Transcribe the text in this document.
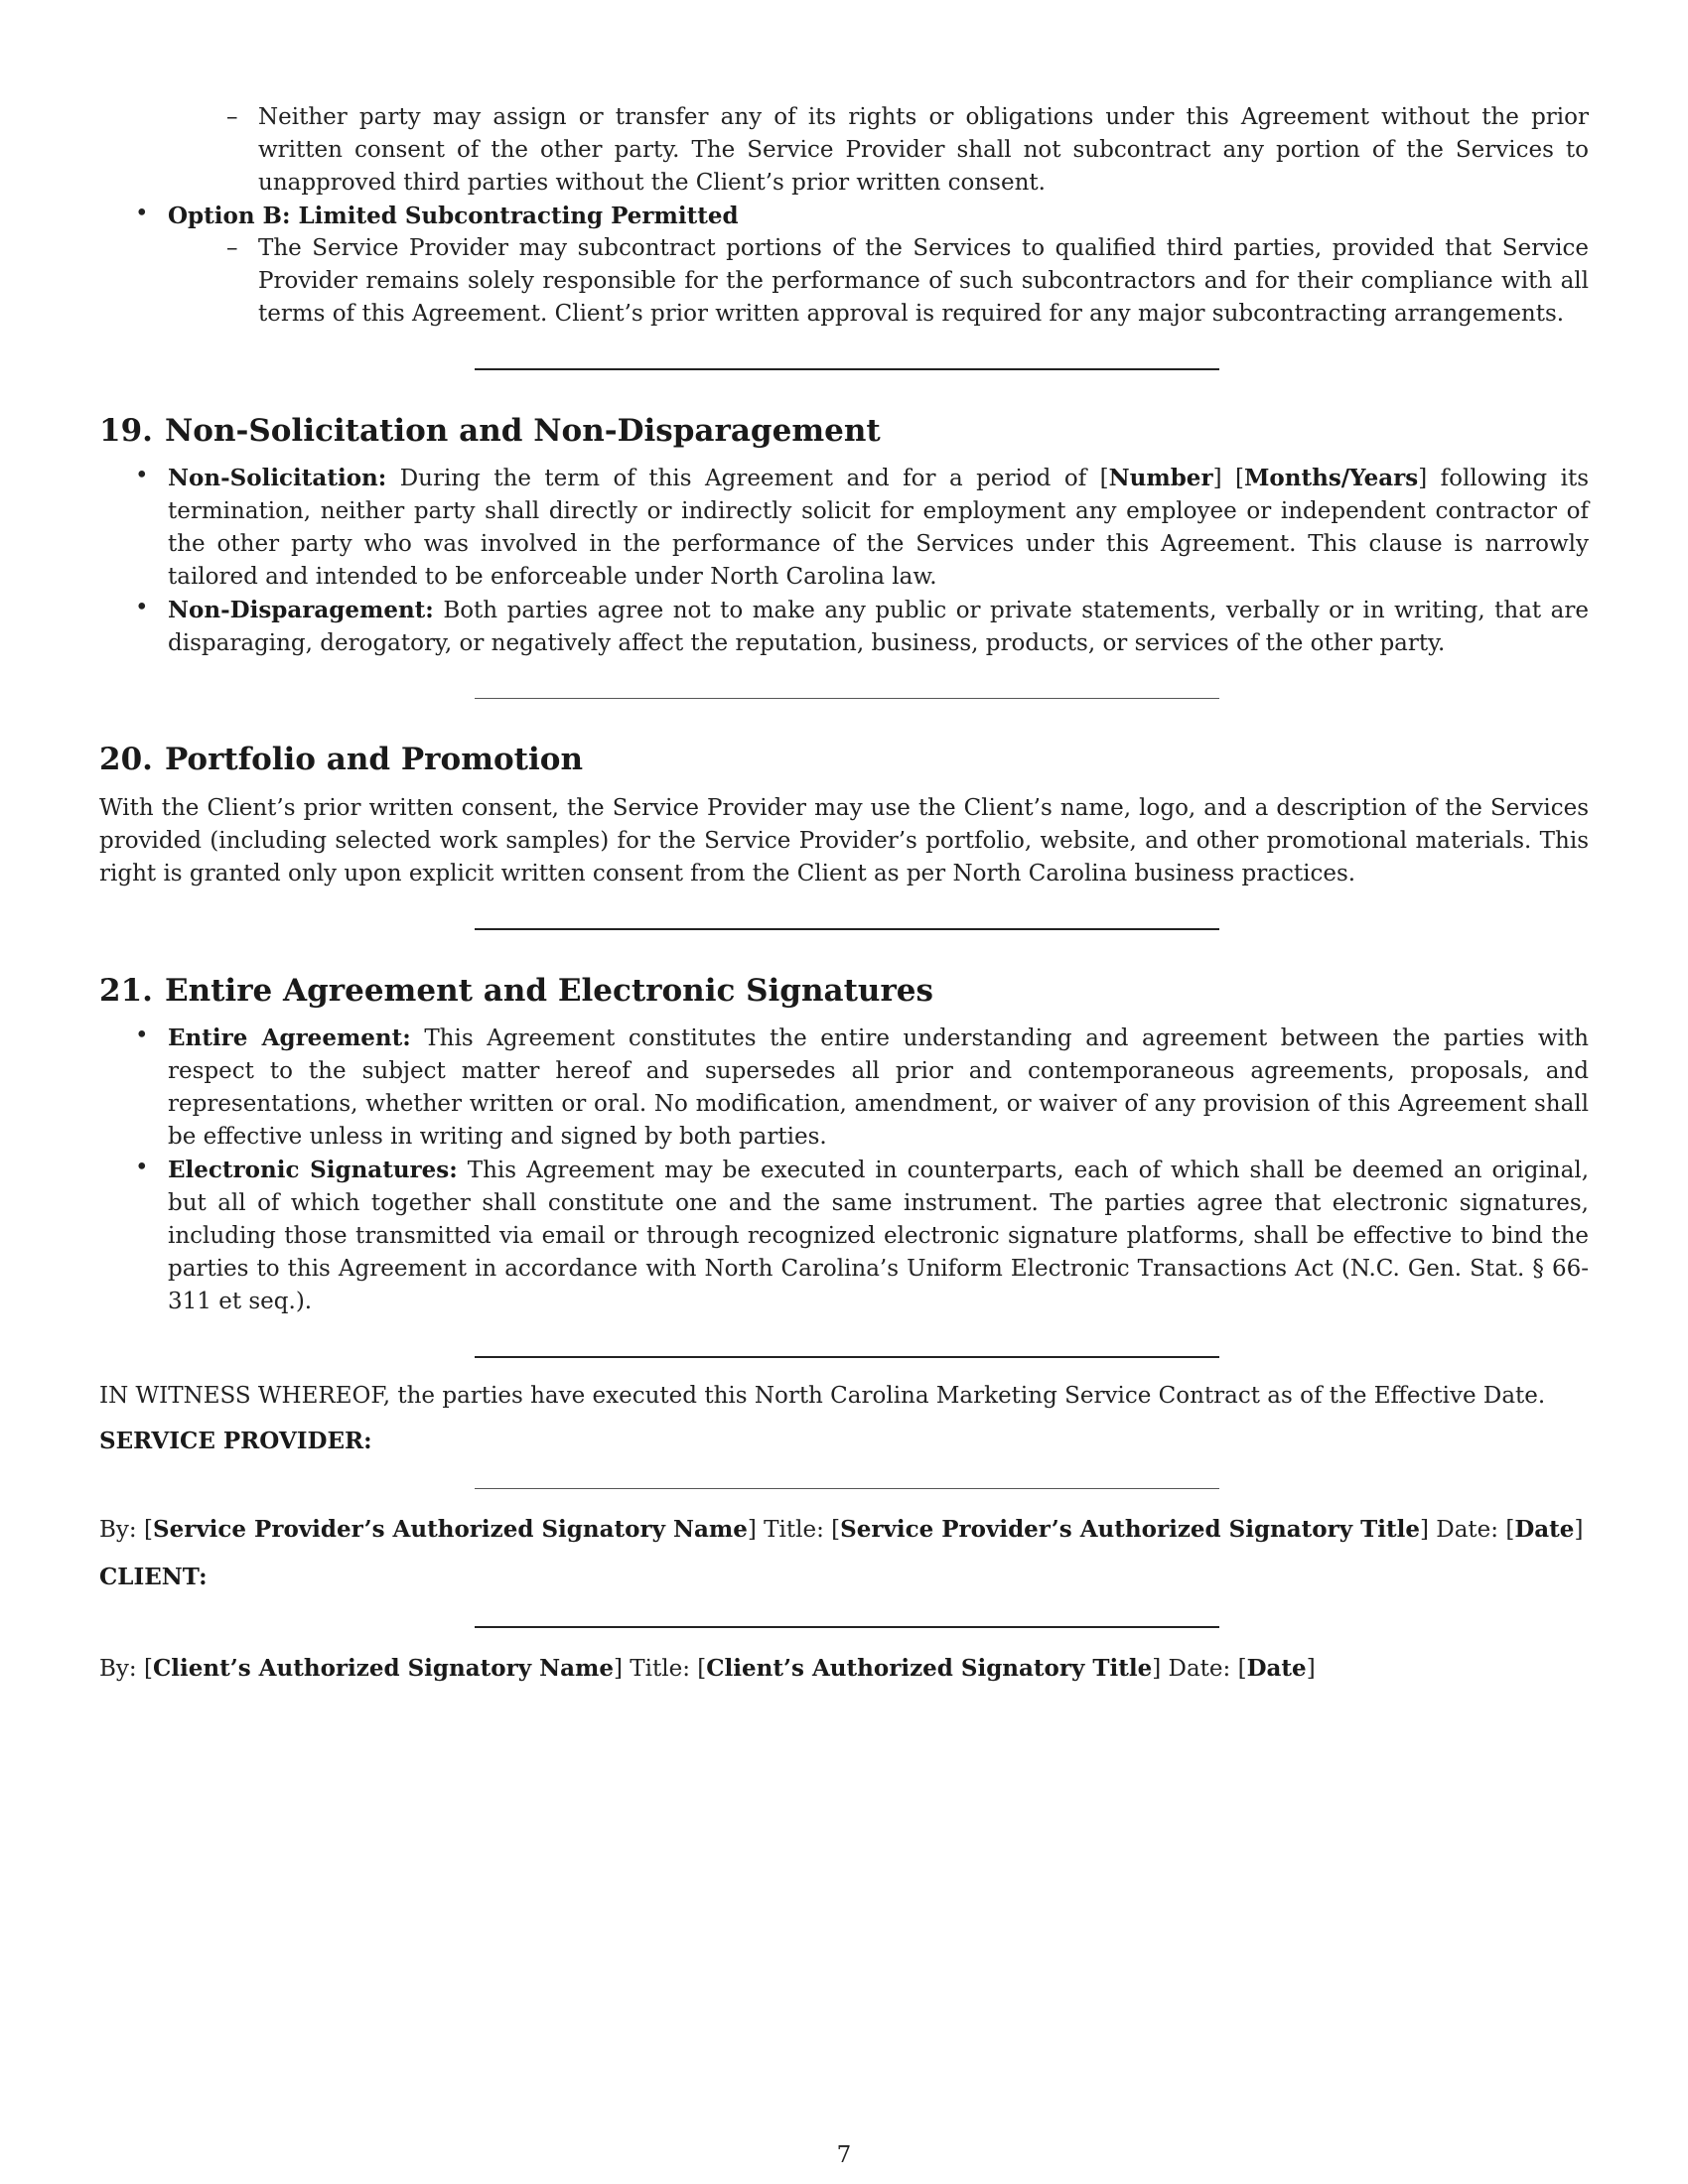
– Neither party may assign or transfer any of its rights or obligations under this Agreement without the prior written consent of the other party. The Service Provider shall not subcontract any portion of the Services to unapproved third parties without the Client’s prior written consent.
• Option B: Limited Subcontracting Permitted
– The Service Provider may subcontract portions of the Services to qualified third parties, provided that Service Provider remains solely responsible for the performance of such subcontractors and for their compliance with all terms of this Agreement. Client’s prior written approval is required for any major subcontracting arrangements.
19. Non-Solicitation and Non-Disparagement
• Non-Solicitation: During the term of this Agreement and for a period of [Number] [Months/Years] following its termination, neither party shall directly or indirectly solicit for employment any employee or independent contractor of the other party who was involved in the performance of the Services under this Agreement. This clause is narrowly tailored and intended to be enforceable under North Carolina law.
• Non-Disparagement: Both parties agree not to make any public or private statements, verbally or in writing, that are disparaging, derogatory, or negatively affect the reputation, business, products, or services of the other party.
20. Portfolio and Promotion

With the Client’s prior written consent, the Service Provider may use the Client’s name, logo, and a description of the Services provided (including selected work samples) for the Service Provider’s portfolio, website, and other promotional materials. This right is granted only upon explicit written consent from the Client as per North Carolina business practices.

21. Entire Agreement and Electronic Signatures
• Entire Agreement: This Agreement constitutes the entire understanding and agreement between the parties with respect to the subject matter hereof and supersedes all prior and contemporaneous agreements, proposals, and representations, whether written or oral. No modification, amendment, or waiver of any provision of this Agreement shall be effective unless in writing and signed by both parties.
• Electronic Signatures: This Agreement may be executed in counterparts, each of which shall be deemed an original, but all of which together shall constitute one and the same instrument. The parties agree that electronic signatures, including those transmitted via email or through recognized electronic signature platforms, shall be effective to bind the parties to this Agreement in accordance with North Carolina’s Uniform Electronic Transactions Act (N.C. Gen. Stat. § 66-311 et seq.).

IN WITNESS WHEREOF, the parties have executed this North Carolina Marketing Service Contract as of the Effective Date.

SERVICE PROVIDER:

By: [Service Provider’s Authorized Signatory Name] Title: [Service Provider’s Authorized Signatory Title] Date: [Date]

CLIENT:

By: [Client’s Authorized Signatory Name] Title: [Client’s Authorized Signatory Title] Date: [Date]

7
